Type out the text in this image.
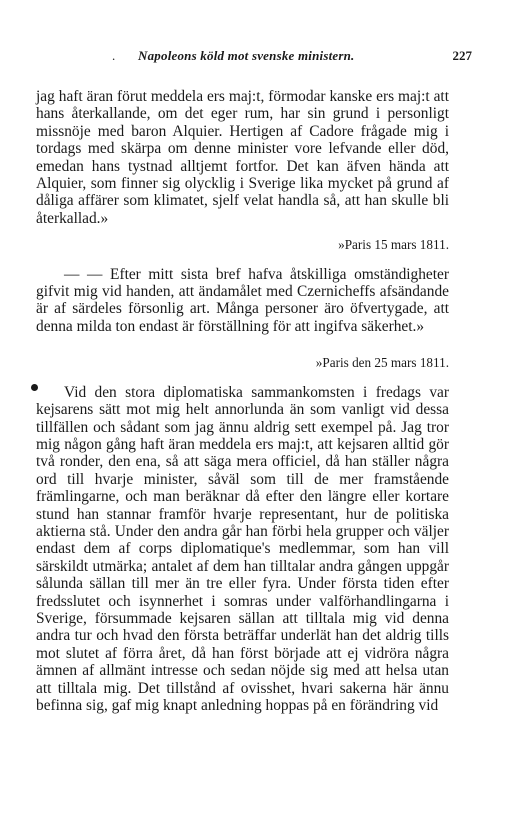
. Napoleons köld mot svenske ministern.	227

jag haft äran förut meddela ers maj:t, förmodar kanske ers maj:t att hans återkallande, om det eger rum, har sin grund i personligt missnöje med baron Alquier. Hertigen af Cadore frågade mig i tordags med skärpa om denne minister vore lefvande eller död, emedan hans tystnad alltjemt fortfor. Det kan äfven hända att Alquier, som finner sig olycklig i Sverige lika mycket på grund af dåliga affärer som klimatet, sjelf velat handla så, att han skulle bli återkallad.»

»Paris 15 mars 1811.

— — Efter mitt sista bref hafva åtskilliga omständigheter gifvit mig vid handen, att ändamålet med Czernicheffs afsändande är af särdeles försonlig art. Många personer äro öfvertygade, att denna milda ton endast är förställning för att ingifva säkerhet.»

»Paris den 25 mars 1811.

Vid den stora diplomatiska sammankomsten i fredags var kejsarens sätt mot mig helt annorlunda än som vanligt vid dessa tillfällen och sådant som jag ännu aldrig sett exempel på. Jag tror mig någon gång haft äran meddela ers maj:t, att kejsaren alltid gör två ronder, den ena, så att säga mera officiel, då han ställer några ord till hvarje minister, såväl som till de mer framstående främlingarne, och man beräknar då efter den längre eller kortare stund han stannar framför hvarje representant, hur de politiska aktierna stå. Under den andra går han förbi hela grupper och väljer endast dem af corps diplomatique's medlemmar, som han vill särskildt utmärka; antalet af dem han tilltalar andra gången uppgår sålunda sällan till mer än tre eller fyra. Under första tiden efter fredsslutet och isynnerhet i somras under valförhandlingarna i Sverige, försummade kejsaren sällan att tilltala mig vid denna andra tur och hvad den första beträffar underlät han det aldrig tills mot slutet af förra året, då han först började att ej vidröra några ämnen af allmänt intresse och sedan nöjde sig med att helsa utan att tilltala mig. Det tillstånd af ovisshet, hvari sakerna här ännu befinna sig, gaf mig knapt anledning hoppas på en förändring vid
